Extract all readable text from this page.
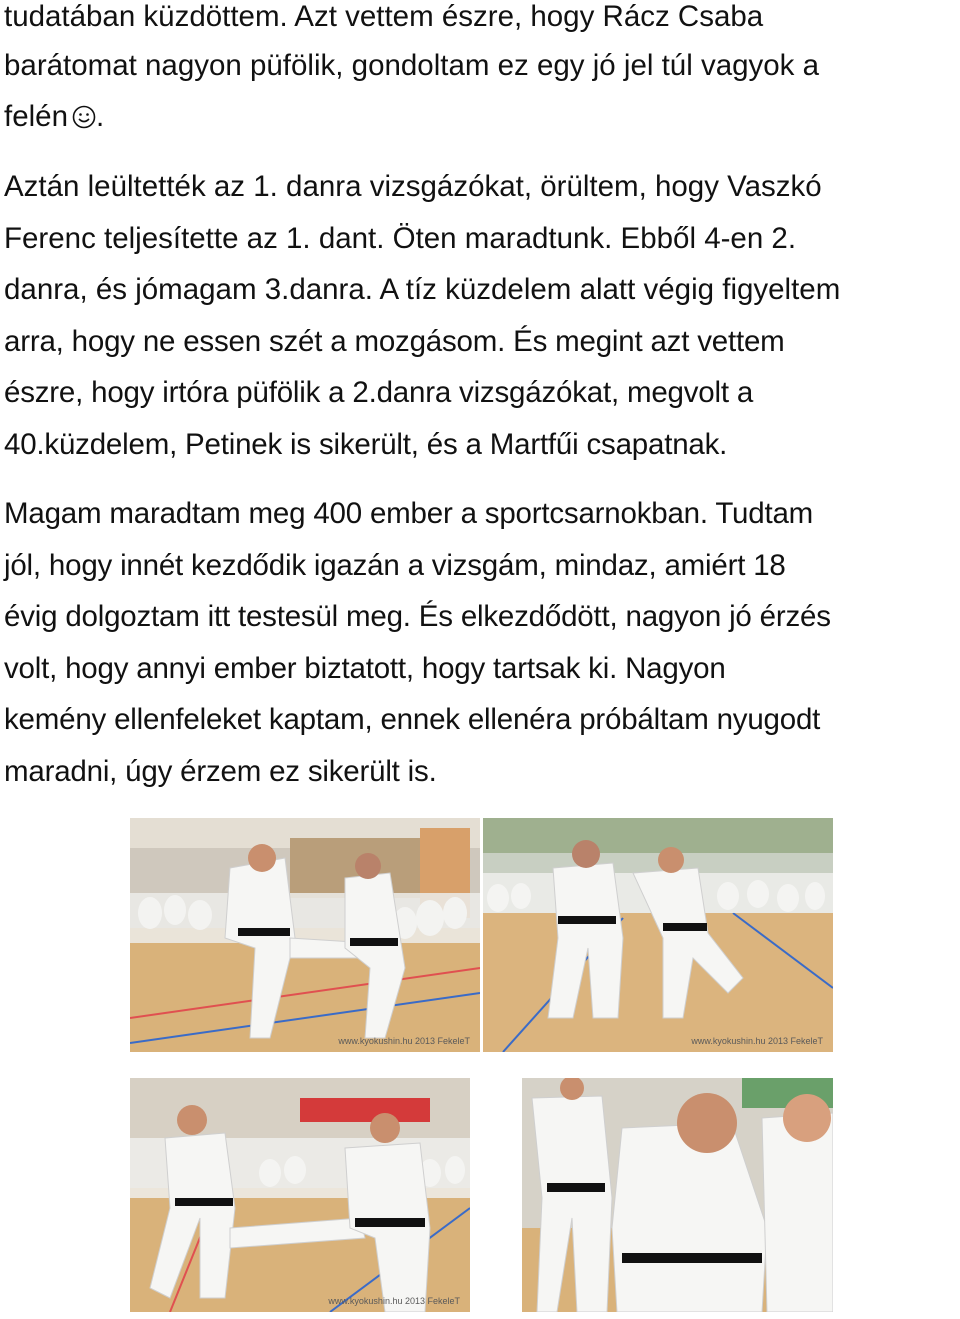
tudatában küzdöttem. Azt vettem észre, hogy Rácz Csaba
barátomat nagyon püfölik, gondoltam ez egy jó jel túl vagyok a
felén .
Aztán leültették az 1. danra vizsgázókat, örültem, hogy Vaszkó
Ferenc teljesítette az 1. dant. Öten maradtunk. Ebből 4-en 2.
danra, és jómagam 3.danra. A tíz küzdelem alatt végig figyeltem
arra, hogy ne essen szét a mozgásom. És megint azt vettem
észre, hogy irtóra püfölik a 2.danra vizsgázókat, megvolt a
40.küzdelem, Petinek is sikerült, és a Martfűi csapatnak.
Magam maradtam meg 400 ember a sportcsarnokban. Tudtam
jól, hogy innét kezdődik igazán a vizsgám, mindaz, amiért 18
évig dolgoztam itt testesül meg. És elkezdődött, nagyon jó érzés
volt, hogy annyi ember biztatott, hogy tartsak ki. Nagyon
kemény ellenfeleket kaptam, ennek ellenéra próbáltam nyugodt
maradni, úgy érzem ez sikerült is.
www.kyokushin.hu 2013 FekeleT	www.kyokushin.hu 2013 FekeleT
www.kyokushin.hu 2013 FekeleT
